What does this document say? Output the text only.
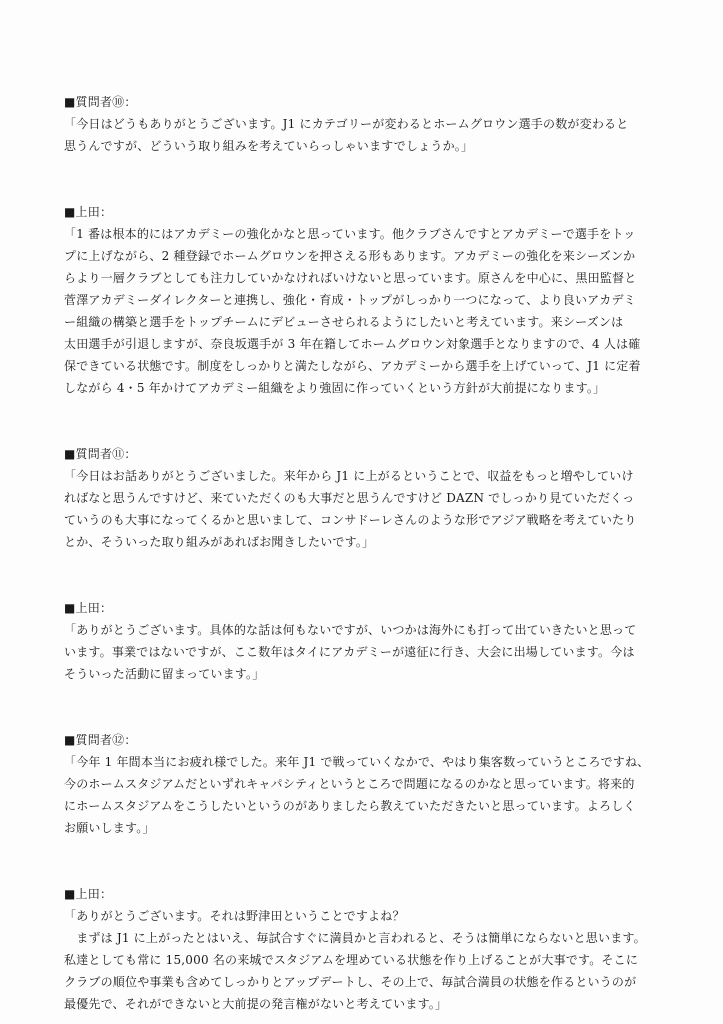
■質問者⑩：
「今日はどうもありがとうございます。J1 にカテゴリーが変わるとホームグロウン選手の数が変わると
思うんですが、どういう取り組みを考えていらっしゃいますでしょうか。」
■上田：
「1 番は根本的にはアカデミーの強化かなと思っています。他クラブさんですとアカデミーで選手をトッ
プに上げながら、2 種登録でホームグロウンを押さえる形もあります。アカデミーの強化を来シーズンか
らより一層クラブとしても注力していかなければいけないと思っています。原さんを中心に、黒田監督と
菅澤アカデミーダイレクターと連携し、強化・育成・トップがしっかり一つになって、より良いアカデミ
ー組織の構築と選手をトップチームにデビューさせられるようにしたいと考えています。来シーズンは
太田選手が引退しますが、奈良坂選手が 3 年在籍してホームグロウン対象選手となりますので、4 人は確
保できている状態です。制度をしっかりと満たしながら、アカデミーから選手を上げていって、J1 に定着
しながら 4・5 年かけてアカデミー組織をより強固に作っていくという方針が大前提になります。」
■質問者⑪：
「今日はお話ありがとうございました。来年から J1 に上がるということで、収益をもっと増やしていけ
ればなと思うんですけど、来ていただくのも大事だと思うんですけど DAZN でしっかり見ていただくっ
ていうのも大事になってくるかと思いまして、コンサドーレさんのような形でアジア戦略を考えていたり
とか、そういった取り組みがあればお聞きしたいです。」
■上田：
「ありがとうございます。具体的な話は何もないですが、いつかは海外にも打って出ていきたいと思って
います。事業ではないですが、ここ数年はタイにアカデミーが遠征に行き、大会に出場しています。今は
そういった活動に留まっています。」
■質問者⑫：
「今年 1 年間本当にお疲れ様でした。来年 J1 で戦っていくなかで、やはり集客数っていうところですね、
今のホームスタジアムだといずれキャパシティというところで問題になるのかなと思っています。将来的
にホームスタジアムをこうしたいというのがありましたら教えていただきたいと思っています。よろしく
お願いします。」
■上田：
「ありがとうございます。それは野津田ということですよね？
　まずは J1 に上がったとはいえ、毎試合すぐに満員かと言われると、そうは簡単にならないと思います。
私達としても常に 15,000 名の来城でスタジアムを埋めている状態を作り上げることが大事です。そこに
クラブの順位や事業も含めてしっかりとアップデートし、その上で、毎試合満員の状態を作るというのが
最優先で、それができないと大前提の発言権がないと考えています。」
